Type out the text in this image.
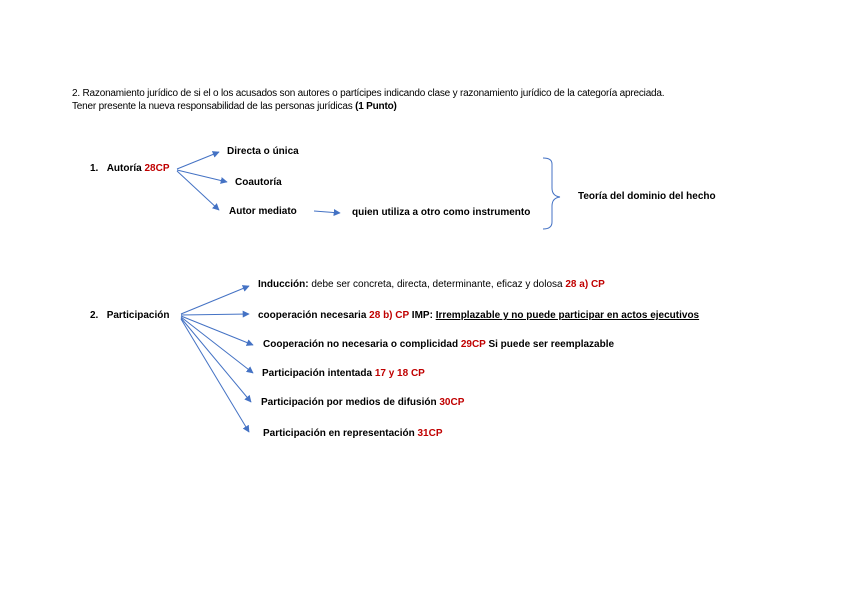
2. Razonamiento jurídico de si el o los acusados son autores o partícipes indicando clase y razonamiento jurídico de la categoría apreciada.
Tener presente la nueva responsabilidad de las personas jurídicas (1 Punto)
1. Autoría 28CP
Directa o única
Coautoría
Autor mediato	quien utiliza a otro como instrumento
Teoría del dominio del hecho
2. Participación
Inducción: debe ser concreta, directa, determinante, eficaz y dolosa 28 a) CP
cooperación necesaria 28 b) CP IMP: Irremplazable y no puede participar en actos ejecutivos
Cooperación no necesaria o complicidad 29CP Si puede ser reemplazable
Participación intentada 17 y 18 CP
Participación por medios de difusión 30CP
Participación en representación 31CP
